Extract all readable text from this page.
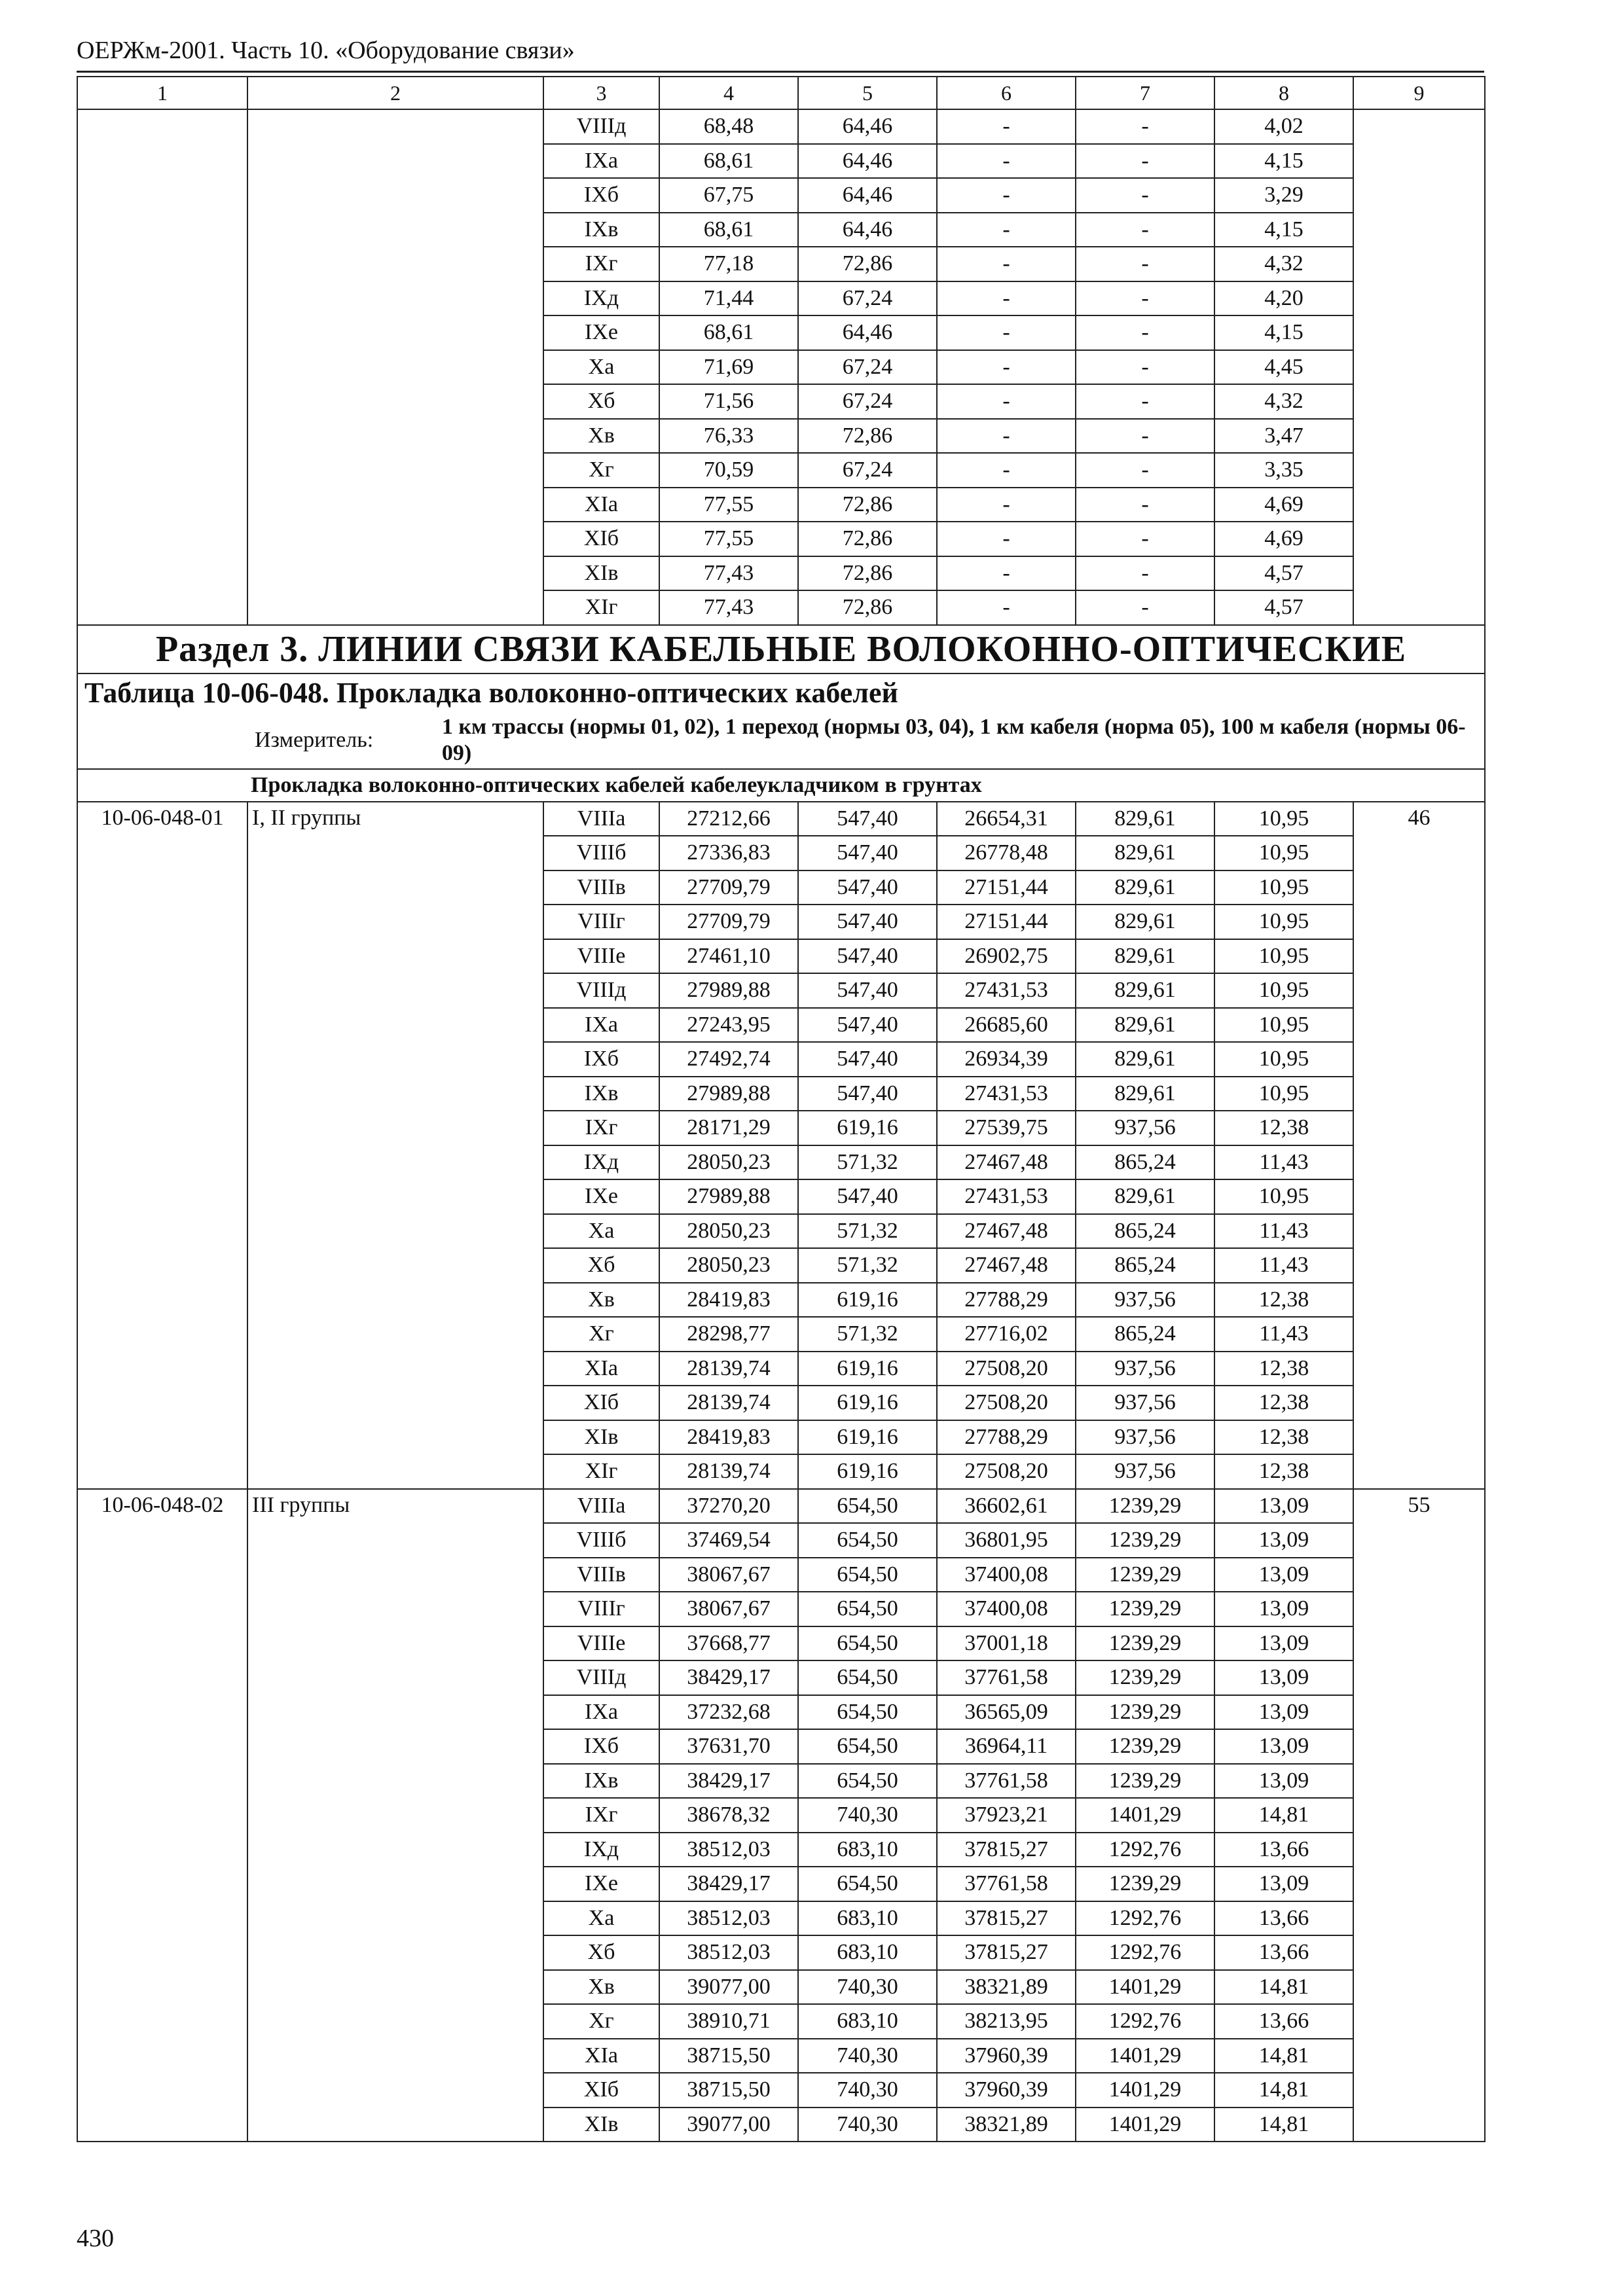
ОЕРЖм-2001. Часть 10. «Оборудование связи»
1	2	3	4	5	6	7	8	9
		VIIIд	68,48	64,46	-	-	4,02	
		IXа	68,61	64,46	-	-	4,15	
		IXб	67,75	64,46	-	-	3,29	
		IXв	68,61	64,46	-	-	4,15	
		IXг	77,18	72,86	-	-	4,32	
		IXд	71,44	67,24	-	-	4,20	
		IXе	68,61	64,46	-	-	4,15	
		Xа	71,69	67,24	-	-	4,45	
		Xб	71,56	67,24	-	-	4,32	
		Xв	76,33	72,86	-	-	3,47	
		Xг	70,59	67,24	-	-	3,35	
		XIа	77,55	72,86	-	-	4,69	
		XIб	77,55	72,86	-	-	4,69	
		XIв	77,43	72,86	-	-	4,57	
		XIг	77,43	72,86	-	-	4,57	
Раздел 3. ЛИНИИ СВЯЗИ КАБЕЛЬНЫЕ ВОЛОКОННО-ОПТИЧЕСКИЕ								
Таблица 10-06-048. Прокладка волоконно-оптических кабелей								

Измеритель:
1 км трассы (нормы 01, 02), 1 переход (нормы 03, 04), 1 км кабеля (норма 05), 100 м кабеля (нормы 06-09)								

Прокладка волоконно-оптических кабелей кабелеукладчиком в грунтах								
10-06-048-01	I, II группы	VIIIа	27212,66	547,40	26654,31	829,61	10,95	46
		VIIIб	27336,83	547,40	26778,48	829,61	10,95	
		VIIIв	27709,79	547,40	27151,44	829,61	10,95	
		VIIIг	27709,79	547,40	27151,44	829,61	10,95	
		VIIIе	27461,10	547,40	26902,75	829,61	10,95	
		VIIIд	27989,88	547,40	27431,53	829,61	10,95	
		IXа	27243,95	547,40	26685,60	829,61	10,95	
		IXб	27492,74	547,40	26934,39	829,61	10,95	
		IXв	27989,88	547,40	27431,53	829,61	10,95	
		IXг	28171,29	619,16	27539,75	937,56	12,38	
		IXд	28050,23	571,32	27467,48	865,24	11,43	
		IXе	27989,88	547,40	27431,53	829,61	10,95	
		Xа	28050,23	571,32	27467,48	865,24	11,43	
		Xб	28050,23	571,32	27467,48	865,24	11,43	
		Xв	28419,83	619,16	27788,29	937,56	12,38	
		Xг	28298,77	571,32	27716,02	865,24	11,43	
		XIа	28139,74	619,16	27508,20	937,56	12,38	
		XIб	28139,74	619,16	27508,20	937,56	12,38	
		XIв	28419,83	619,16	27788,29	937,56	12,38	
		XIг	28139,74	619,16	27508,20	937,56	12,38	
10-06-048-02	III группы	VIIIа	37270,20	654,50	36602,61	1239,29	13,09	55
		VIIIб	37469,54	654,50	36801,95	1239,29	13,09	
		VIIIв	38067,67	654,50	37400,08	1239,29	13,09	
		VIIIг	38067,67	654,50	37400,08	1239,29	13,09	
		VIIIе	37668,77	654,50	37001,18	1239,29	13,09	
		VIIIд	38429,17	654,50	37761,58	1239,29	13,09	
		IXа	37232,68	654,50	36565,09	1239,29	13,09	
		IXб	37631,70	654,50	36964,11	1239,29	13,09	
		IXв	38429,17	654,50	37761,58	1239,29	13,09	
		IXг	38678,32	740,30	37923,21	1401,29	14,81	
		IXд	38512,03	683,10	37815,27	1292,76	13,66	
		IXе	38429,17	654,50	37761,58	1239,29	13,09	
		Xа	38512,03	683,10	37815,27	1292,76	13,66	
		Xб	38512,03	683,10	37815,27	1292,76	13,66	
		Xв	39077,00	740,30	38321,89	1401,29	14,81	
		Xг	38910,71	683,10	38213,95	1292,76	13,66	
		XIа	38715,50	740,30	37960,39	1401,29	14,81	
		XIб	38715,50	740,30	37960,39	1401,29	14,81	
		XIв	39077,00	740,30	38321,89	1401,29	14,81	
430
